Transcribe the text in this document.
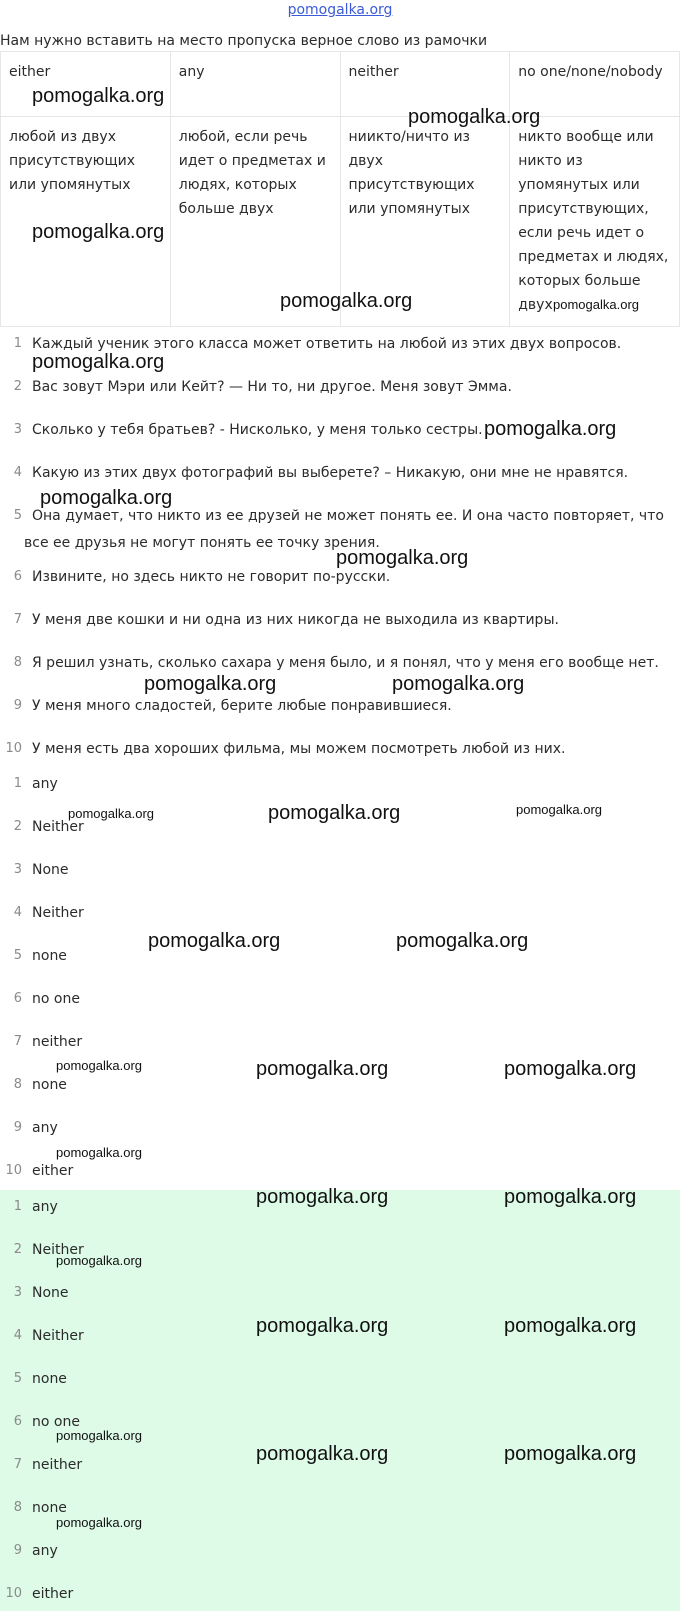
pomogalka.org
Нам нужно вставить на место пропуска верное слово из рамочки
either	any	neither	no one/none/nobody
любой из двух присутствующих или упомянутых	любой, если речь идет о предметах и людях, которых больше двух	ниикто/ничто из двух присутствующих или упомянутых	никто вообще или никто из упомянутых или присутствующих, если речь идет о предметах и людях, которых больше двух
1 Каждый ученик этого класса может ответить на любой из этих двух вопросов.
2 Вас зовут Мэри или Кейт? — Ни то, ни другое. Меня зовут Эмма.
3 Сколько у тебя братьев? - Нисколько, у меня только сестры.
4 Какую из этих двух фотографий вы выберете? – Никакую, они мне не нравятся.
5 Она думает, что никто из ее друзей не может понять ее. И она часто повторяет, что
все ее друзья не могут понять ее точку зрения.
6 Извините, но здесь никто не говорит по-русски.
7 У меня две кошки и ни одна из них никогда не выходила из квартиры.
8 Я решил узнать, сколько сахара у меня было, и я понял, что у меня его вообще нет.
9 У меня много сладостей, берите любые понравившиеся.
10 У меня есть два хороших фильма, мы можем посмотреть любой из них.
1 any
2 Neither
3 None
4 Neither
5 none
6 no one
7 neither
8 none
9 any
10 either
1 any
2 Neither
3 None
4 Neither
5 none
6 no one
7 neither
8 none
9 any
10 either
pomogalka.org
pomogalka.org
pomogalka.org
pomogalka.org	pomogalka.org
pomogalka.org
pomogalka.org
pomogalka.org
pomogalka.org
pomogalka.org	pomogalka.org
pomogalka.org	pomogalka.org	pomogalka.org
pomogalka.org	pomogalka.org
pomogalka.org	pomogalka.org	pomogalka.org
pomogalka.org
pomogalka.org	pomogalka.org
pomogalka.org
pomogalka.org	pomogalka.org
pomogalka.org
pomogalka.org	pomogalka.org
pomogalka.org
